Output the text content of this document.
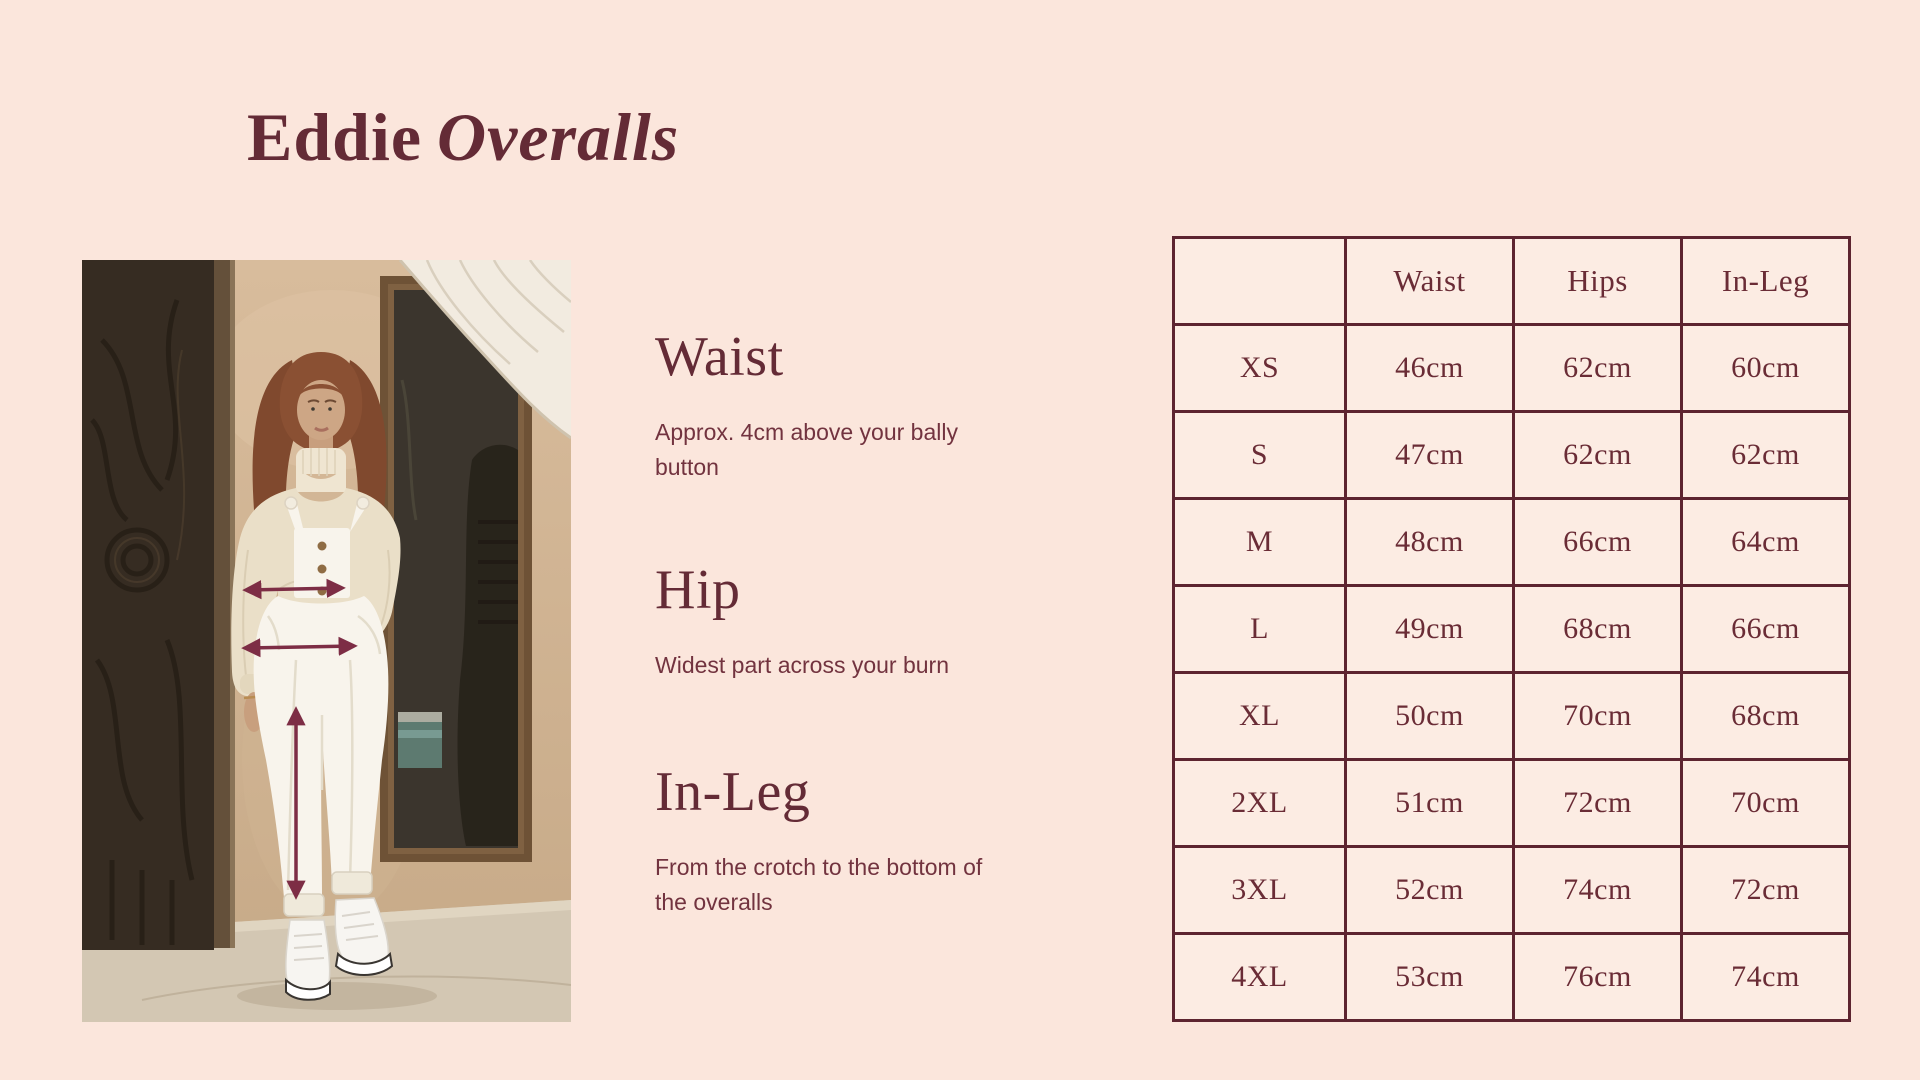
Eddie Overalls
Waist

Approx. 4cm above your bally button

Hip

Widest part across your burn

In-Leg

From the crotch to the bottom of the overalls

	Waist	Hips	In-Leg
XS	46cm	62cm	60cm
S	47cm	62cm	62cm
M	48cm	66cm	64cm
L	49cm	68cm	66cm
XL	50cm	70cm	68cm
2XL	51cm	72cm	70cm
3XL	52cm	74cm	72cm
4XL	53cm	76cm	74cm
